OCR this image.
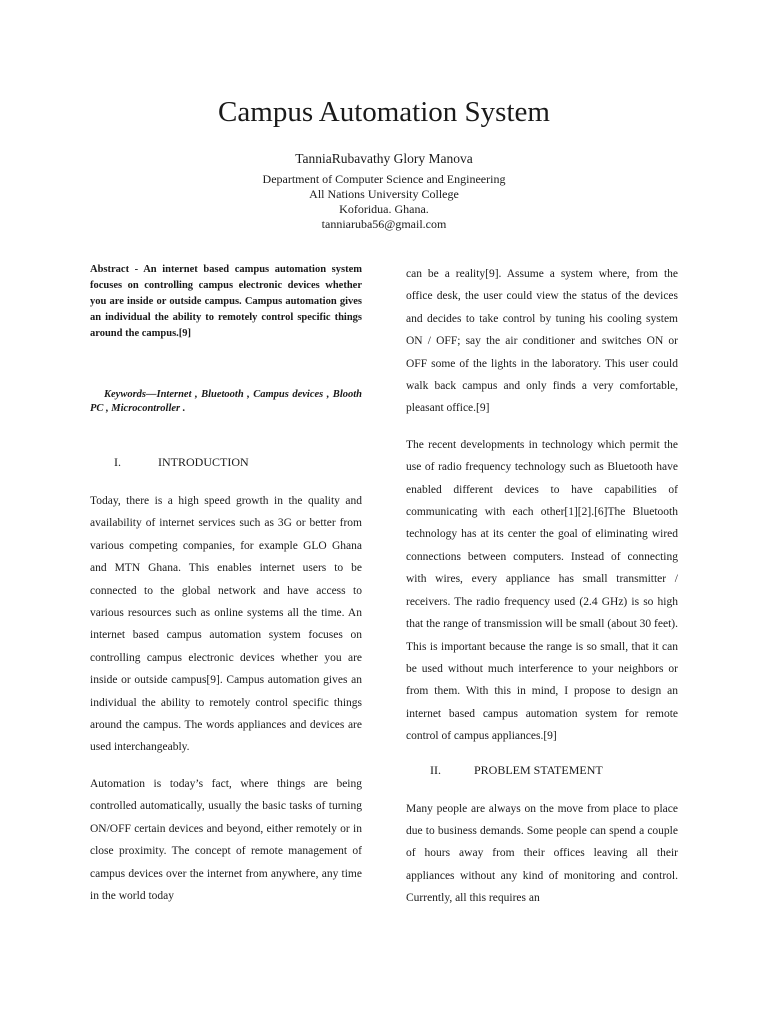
Campus Automation System
TanniaRubavathy Glory Manova
Department of Computer Science and Engineering
All Nations University College
Koforidua. Ghana.
tanniaruba56@gmail.com

Abstract - An internet based campus automation system focuses on controlling campus electronic devices whether you are inside or outside campus. Campus automation gives an individual the ability to remotely control specific things around the campus.[9]

Keywords—Internet , Bluetooth , Campus devices , Blooth PC , Microcontroller .

I.	INTRODUCTION

Today, there is a high speed growth in the quality and availability of internet services such as 3G or better from various competing companies, for example GLO Ghana and MTN Ghana. This enables internet users to be connected to the global network and have access to various resources such as online systems all the time. An internet based campus automation system focuses on controlling campus electronic devices whether you are inside or outside campus[9]. Campus automation gives an individual the ability to remotely control specific things around the campus. The words appliances and devices are used interchangeably.

Automation is today’s fact, where things are being controlled automatically, usually the basic tasks of turning ON/OFF certain devices and beyond, either remotely or in close proximity. The concept of remote management of campus devices over the internet from anywhere, any time in the world today

can be a reality[9]. Assume a system where, from the office desk, the user could view the status of the devices and decides to take control by tuning his cooling system ON / OFF; say the air conditioner and switches ON or OFF some of the lights in the laboratory. This user could walk back campus and only finds a very comfortable, pleasant office.[9]

The recent developments in technology which permit the use of radio frequency technology such as Bluetooth have enabled different devices to have capabilities of communicating with each other[1][2].[6]The Bluetooth technology has at its center the goal of eliminating wired connections between computers. Instead of connecting with wires, every appliance has small transmitter / receivers. The radio frequency used (2.4 GHz) is so high that the range of transmission will be small (about 30 feet). This is important because the range is so small, that it can be used without much interference to your neighbors or from them. With this in mind, I propose to design an internet based campus automation system for remote control of campus appliances.[9]

II.	PROBLEM STATEMENT

Many people are always on the move from place to place due to business demands. Some people can spend a couple of hours away from their offices leaving all their appliances without any kind of monitoring and control. Currently, all this requires an
